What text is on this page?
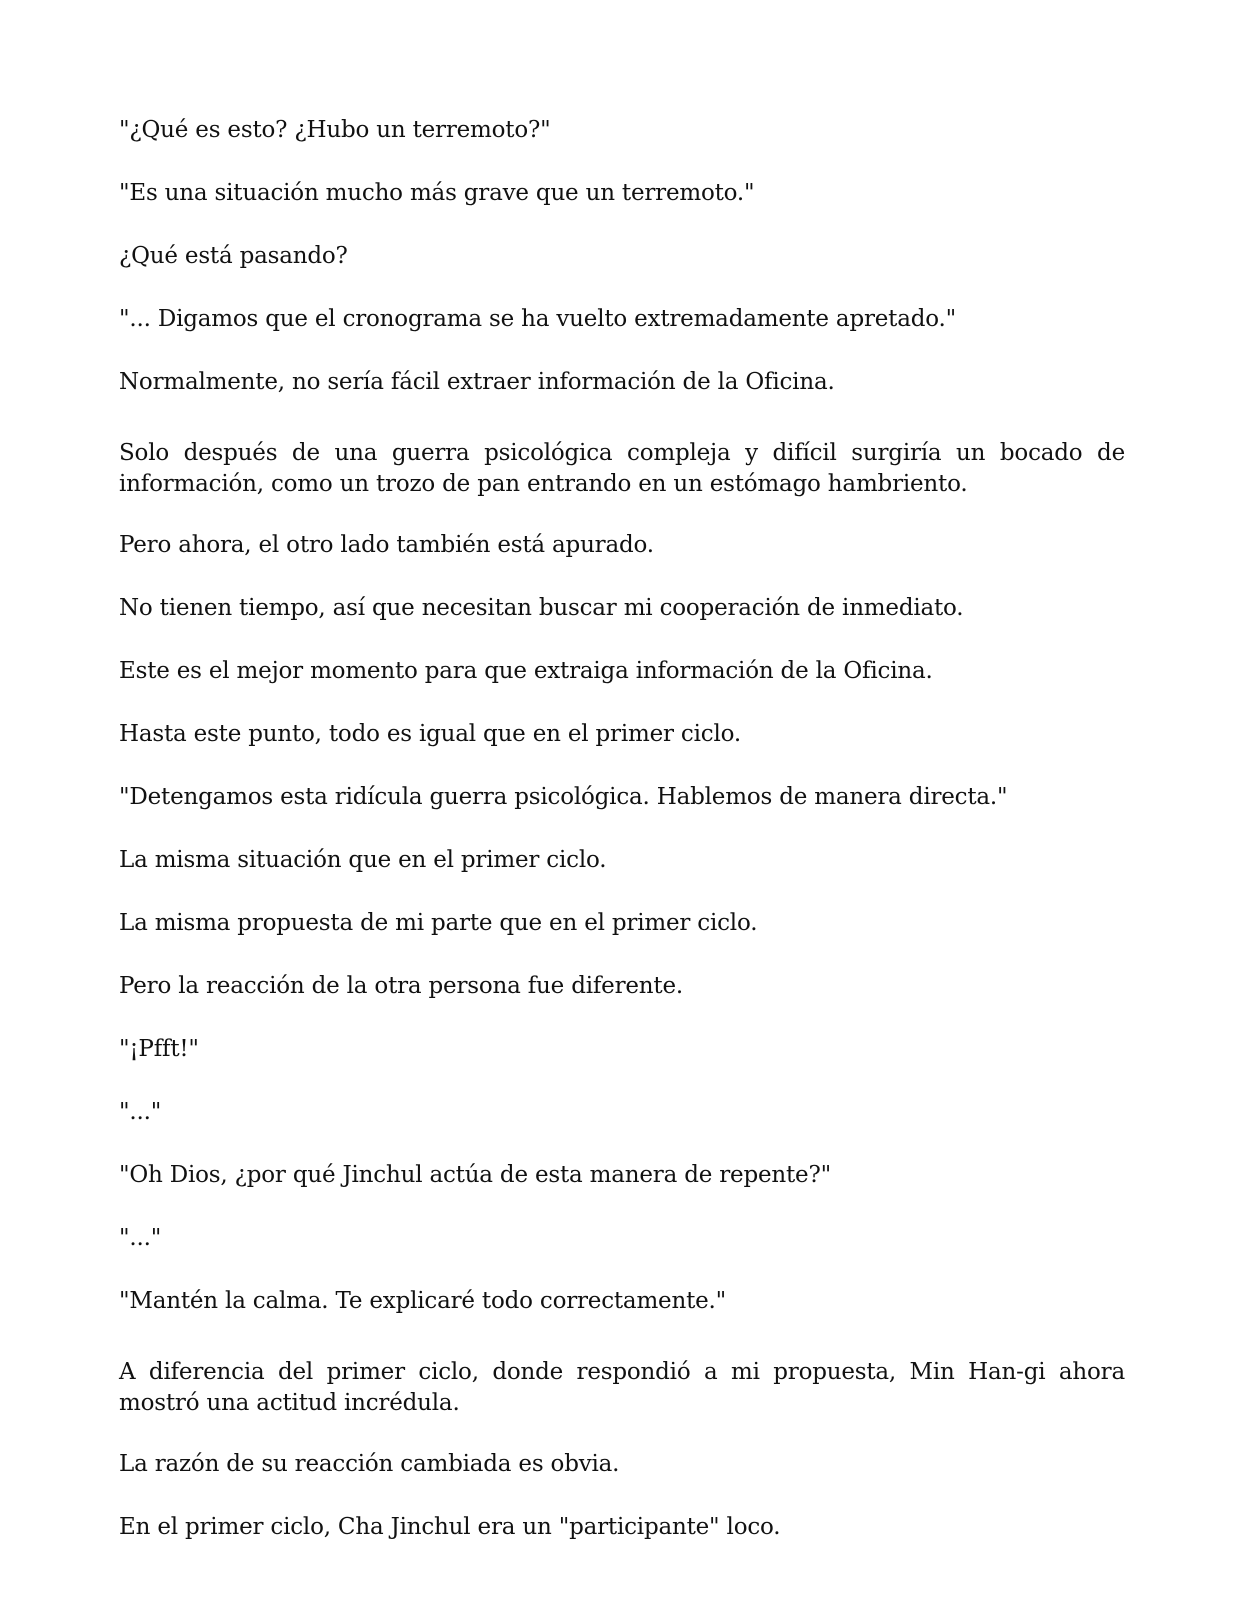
"¿Qué es esto? ¿Hubo un terremoto?"

"Es una situación mucho más grave que un terremoto."

¿Qué está pasando?

"... Digamos que el cronograma se ha vuelto extremadamente apretado."

Normalmente, no sería fácil extraer información de la Oficina.

Solo después de una guerra psicológica compleja y difícil surgiría un bocado de información, como un trozo de pan entrando en un estómago hambriento.

Pero ahora, el otro lado también está apurado.

No tienen tiempo, así que necesitan buscar mi cooperación de inmediato.

Este es el mejor momento para que extraiga información de la Oficina.

Hasta este punto, todo es igual que en el primer ciclo.

"Detengamos esta ridícula guerra psicológica. Hablemos de manera directa."

La misma situación que en el primer ciclo.

La misma propuesta de mi parte que en el primer ciclo.

Pero la reacción de la otra persona fue diferente.

"¡Pfft!"

"..."

"Oh Dios, ¿por qué Jinchul actúa de esta manera de repente?"

"..."

"Mantén la calma. Te explicaré todo correctamente."

A diferencia del primer ciclo, donde respondió a mi propuesta, Min Han-gi ahora mostró una actitud incrédula.

La razón de su reacción cambiada es obvia.

En el primer ciclo, Cha Jinchul era un "participante" loco.
